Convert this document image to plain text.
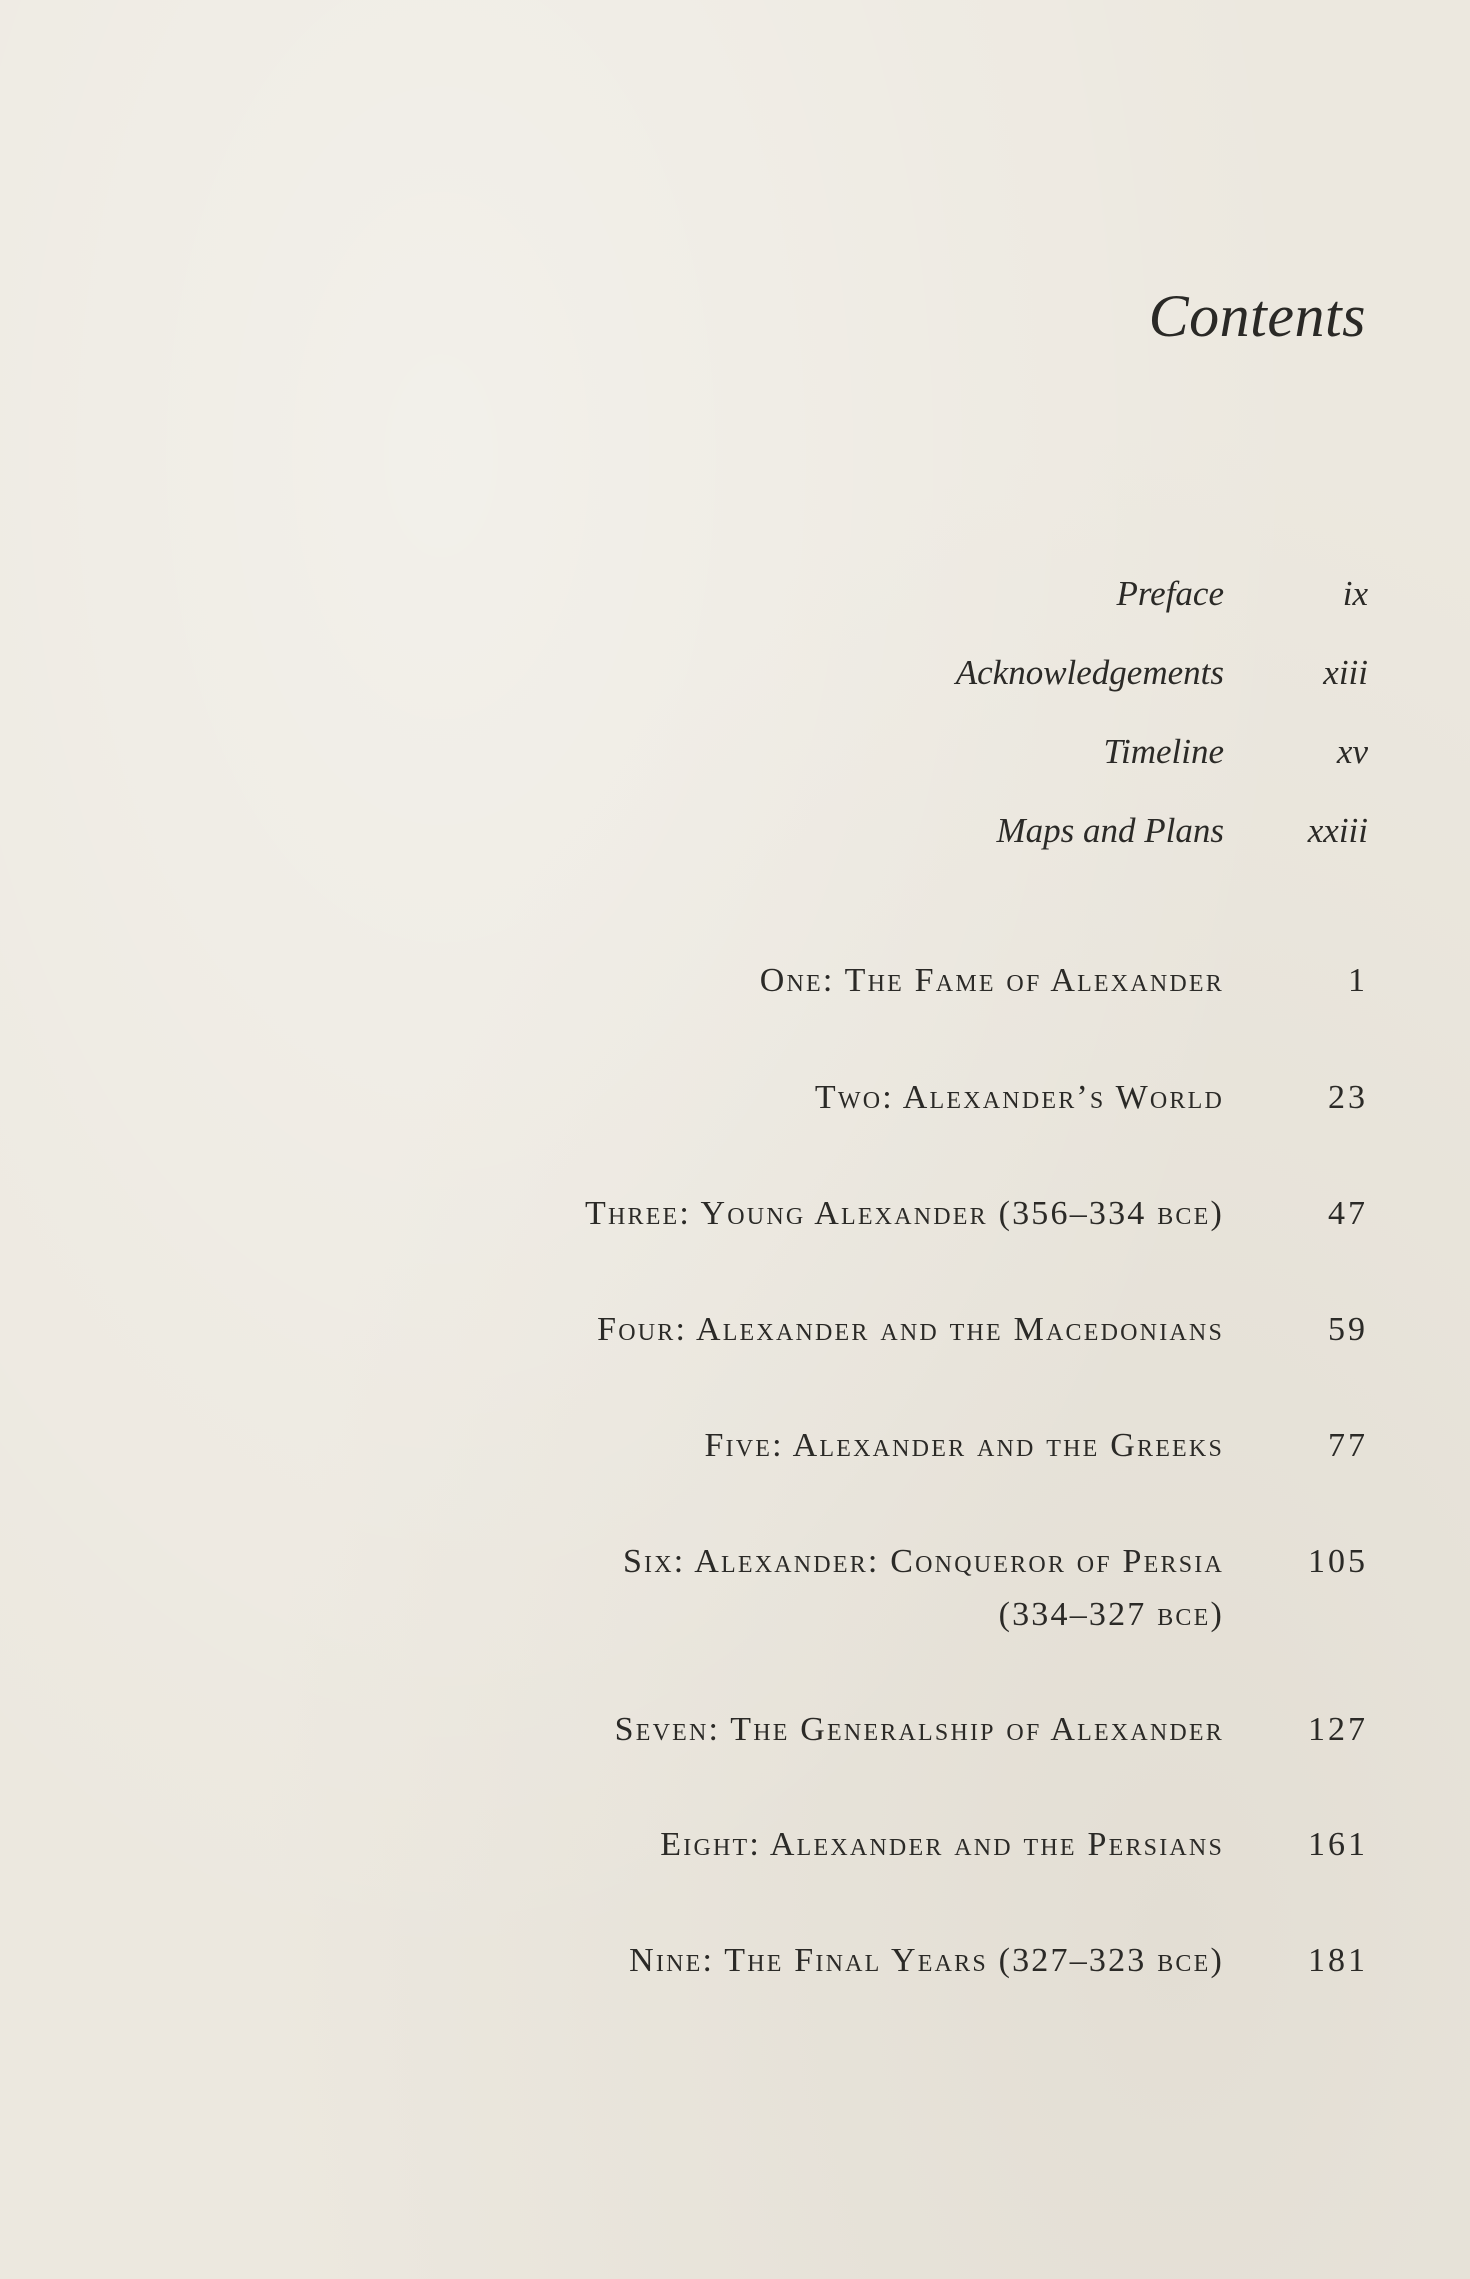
Contents
Preface	ix
Acknowledgements	xiii
Timeline	xv
Maps and Plans xxiii
One: The Fame of Alexander	1
Two: Alexander’s World	23
Three: Young Alexander (356–334 bce)	47
Four: Alexander and the Macedonians	59
Five: Alexander and the Greeks	77
Six: Alexander: Conqueror of Persia 105
(334–327 bce)
Seven: The Generalship of Alexander 127
Eight: Alexander and the Persians 161
Nine: The Final Years (327–323 bce) 181
